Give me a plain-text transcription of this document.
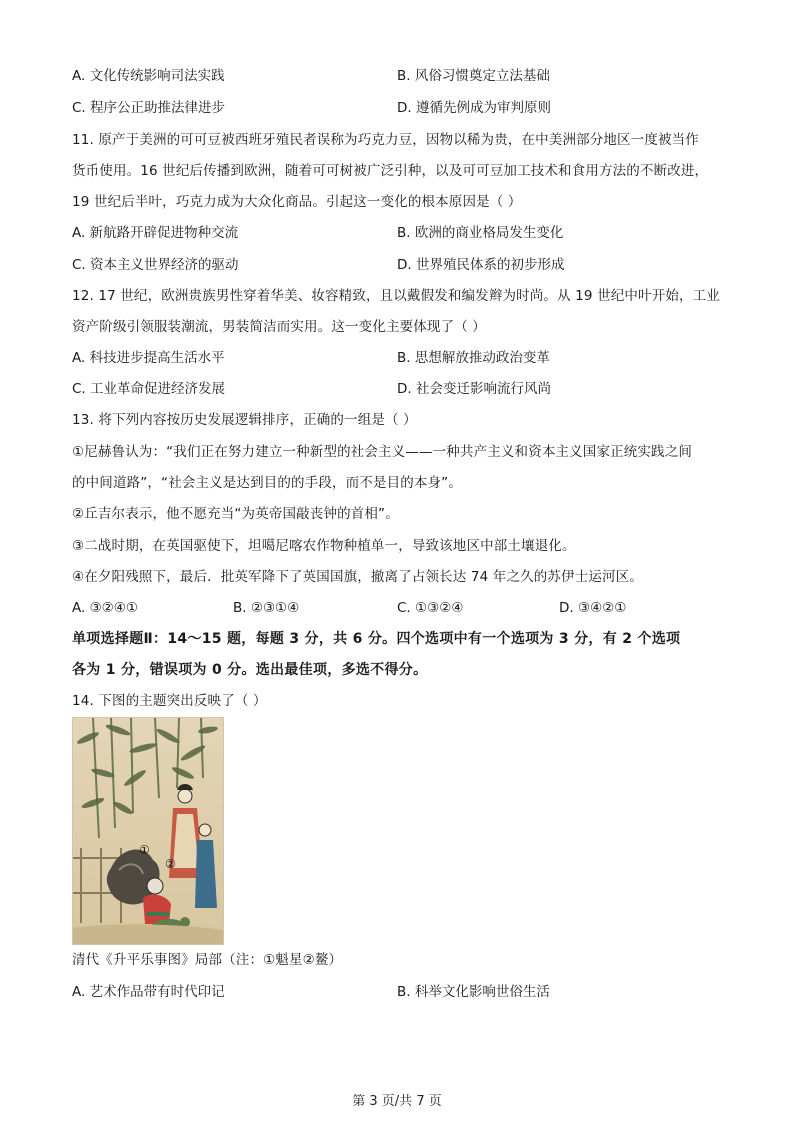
A. 文化传统影响司法实践	B. 风俗习惯奠定立法基础
C. 程序公正助推法律进步	D. 遵循先例成为审判原则
11. 原产于美洲的可可豆被西班牙殖民者误称为巧克力豆，因物以稀为贵，在中美洲部分地区一度被当作
货币使用。16 世纪后传播到欧洲，随着可可树被广泛引种，以及可可豆加工技术和食用方法的不断改进，
19 世纪后半叶，巧克力成为大众化商品。引起这一变化的根本原因是（ ）
A. 新航路开辟促进物种交流	B. 欧洲的商业格局发生变化
C. 资本主义世界经济的驱动	D. 世界殖民体系的初步形成
12. 17 世纪，欧洲贵族男性穿着华美、妆容精致，且以戴假发和编发辫为时尚。从 19 世纪中叶开始，工业
资产阶级引领服装潮流，男装简洁而实用。这一变化主要体现了（ ）
A. 科技进步提高生活水平	B. 思想解放推动政治变革
C. 工业革命促进经济发展	D. 社会变迁影响流行风尚
13. 将下列内容按历史发展逻辑排序，正确的一组是（ ）
①尼赫鲁认为：“我们正在努力建立一种新型的社会主义——一种共产主义和资本主义国家正统实践之间
的中间道路”，“社会主义是达到目的的手段，而不是目的本身”。
②丘吉尔表示，他不愿充当“为英帝国敲丧钟的首相”。
③二战时期，在英国驱使下，坦噶尼喀农作物种植单一，导致该地区中部土壤退化。
④在夕阳残照下，最后．批英军降下了英国国旗，撤离了占领长达 74 年之久的苏伊士运河区。
A. ③②④①	B. ②③①④	C. ①③②④	D. ③④②①
单项选择题Ⅱ：14～15 题，每题 3 分，共 6 分。四个选项中有一个选项为 3 分，有 2 个选项
各为 1 分，错误项为 0 分。选出最佳项，多选不得分。
14. 下图的主题突出反映了（ ）
①
②
清代《升平乐事图》局部（注：①魁星②鳌）
A. 艺术作品带有时代印记	B. 科举文化影响世俗生活
第 3 页/共 7 页
